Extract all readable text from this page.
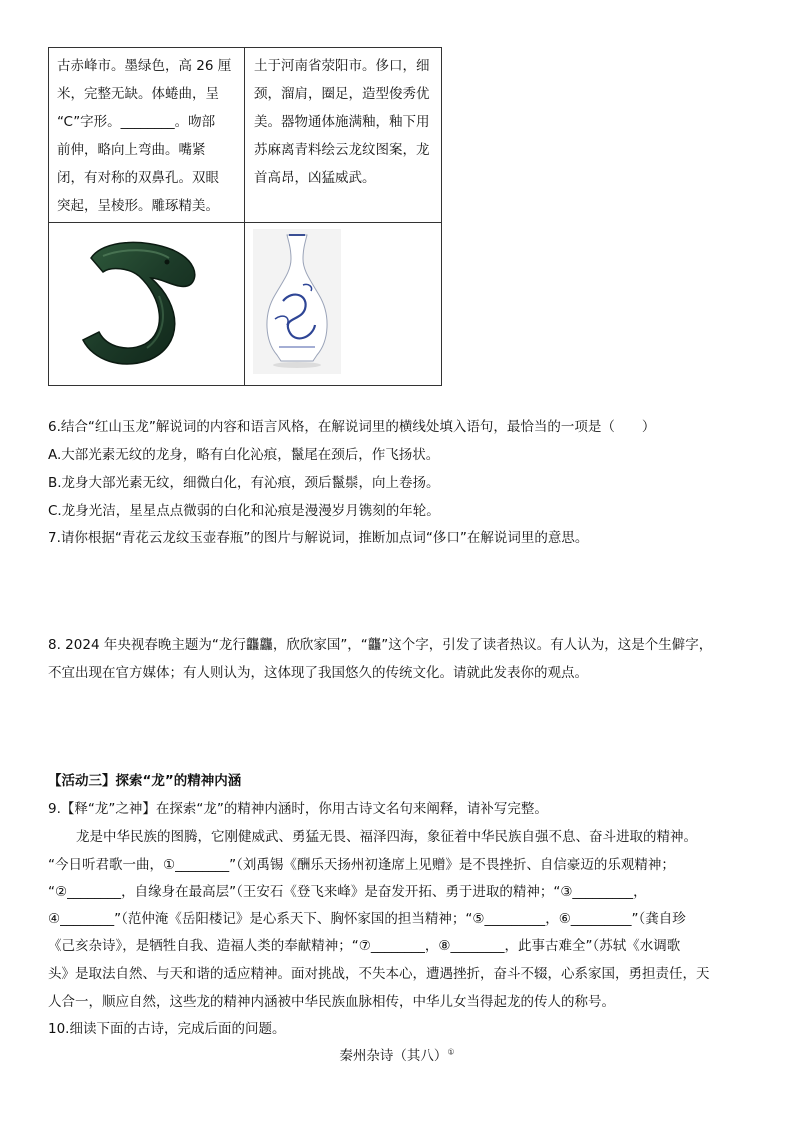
古赤峰市。墨绿色，高 26 厘

米，完整无缺。体蜷曲，呈

“C”字形。________。吻部

前伸，略向上弯曲。嘴紧

闭，有对称的双鼻孔。双眼

突起，呈棱形。雕琢精美。

土于河南省荥阳市。侈口，细

颈，溜肩，圈足，造型俊秀优

美。器物通体施满釉，釉下用

苏麻离青料绘云龙纹图案，龙

首高昂，凶猛威武。

6.结合“红山玉龙”解说词的内容和语言风格，在解说词里的横线处填入语句，最恰当的一项是（　　）
A.大部光素无纹的龙身，略有白化沁痕，鬣尾在颈后，作飞扬状。
B.龙身大部光素无纹，细微白化，有沁痕，颈后鬣鬃，向上卷扬。
C.龙身光洁，星星点点微弱的白化和沁痕是漫漫岁月镌刻的年轮。
7.请你根据“青花云龙纹玉壶春瓶”的图片与解说词，推断加点词“侈口”在解说词里的意思。
8. 2024 年央视春晚主题为“龙行龘龘，欣欣家国”，“龘”这个字，引发了读者热议。有人认为，这是个生僻字，
不宜出现在官方媒体；有人则认为，这体现了我国悠久的传统文化。请就此发表你的观点。
【活动三】探索“龙”的精神内涵
9.【释“龙”之神】在探索“龙”的精神内涵时，你用古诗文名句来阐释，请补写完整。
龙是中华民族的图腾，它刚健威武、勇猛无畏、福泽四海，象征着中华民族自强不息、奋斗进取的精神。
“今日听君歌一曲，①________”（刘禹锡《酬乐天扬州初逢席上见赠》是不畏挫折、自信豪迈的乐观精神；
“②________，自缘身在最高层”（王安石《登飞来峰》是奋发开拓、勇于进取的精神；“③_________，
④________”（范仲淹《岳阳楼记》是心系天下、胸怀家国的担当精神；“⑤_________，⑥_________”（龚自珍
《己亥杂诗》，是牺牲自我、造福人类的奉献精神；“⑦________，⑧________，此事古难全”（苏轼《水调歌
头》是取法自然、与天和谐的适应精神。面对挑战，不失本心，遭遇挫折，奋斗不辍，心系家国，勇担责任，天
人合一，顺应自然，这些龙的精神内涵被中华民族血脉相传，中华儿女当得起龙的传人的称号。
10.细读下面的古诗，完成后面的问题。
秦州杂诗（其八）①
